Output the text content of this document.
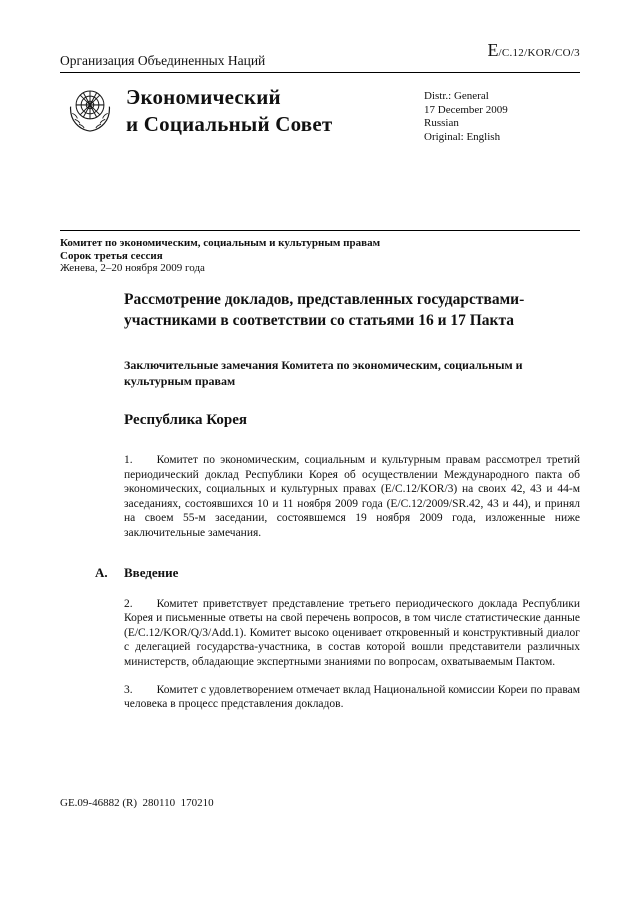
E/C.12/KOR/CO/3
Организация Объединенных Наций
Экономический
и Социальный Совет
Distr.: General
17 December 2009
Russian
Original: English
Комитет по экономическим, социальным и культурным правам
Сорок третья сессия
Женева, 2–20 ноября 2009 года
Рассмотрение докладов, представленных государствами-участниками в соответствии со статьями 16 и 17 Пакта
Заключительные замечания Комитета по экономическим, социальным и культурным правам
Республика Корея

1. Комитет по экономическим, социальным и культурным правам рассмотрел третий периодический доклад Республики Корея об осуществлении Международного пакта об экономических, социальных и культурных правах (E/C.12/KOR/3) на своих 42, 43 и 44-м заседаниях, состоявшихся 10 и 11 ноября 2009 года (E/C.12/2009/SR.42, 43 и 44), и принял на своем 55-м заседании, состоявшемся 19 ноября 2009 года, изложенные ниже заключительные замечания.

A. Введение

2. Комитет приветствует представление третьего периодического доклада Республики Корея и письменные ответы на свой перечень вопросов, в том числе статистические данные (E/C.12/KOR/Q/3/Add.1). Комитет высоко оценивает откровенный и конструктивный диалог с делегацией государства-участника, в состав которой вошли представители различных министерств, обладающие экспертными знаниями по вопросам, охватываемым Пактом.

3. Комитет с удовлетворением отмечает вклад Национальной комиссии Кореи по правам человека в процесс представления докладов.

GE.09-46882 (R)  280110  170210
